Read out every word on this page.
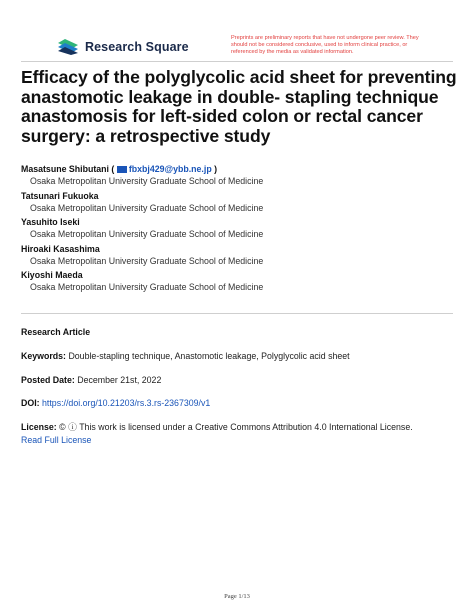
Research Square
Preprints are preliminary reports that have not undergone peer review. They should not be considered conclusive, used to inform clinical practice, or referenced by the media as validated information.
Efficacy of the polyglycolic acid sheet for preventing anastomotic leakage in double- stapling technique anastomosis for left-sided colon or rectal cancer surgery: a retrospective study
Masatsune Shibutani ( fbxbj429@ybb.ne.jp )
Osaka Metropolitan University Graduate School of Medicine
Tatsunari Fukuoka
Osaka Metropolitan University Graduate School of Medicine
Yasuhito Iseki
Osaka Metropolitan University Graduate School of Medicine
Hiroaki Kasashima
Osaka Metropolitan University Graduate School of Medicine
Kiyoshi Maeda
Osaka Metropolitan University Graduate School of Medicine
Research Article
Keywords: Double-stapling technique, Anastomotic leakage, Polyglycolic acid sheet
Posted Date: December 21st, 2022
DOI: https://doi.org/10.21203/rs.3.rs-2367309/v1
License: © ⓘ This work is licensed under a Creative Commons Attribution 4.0 International License.
Read Full License
Page 1/13
